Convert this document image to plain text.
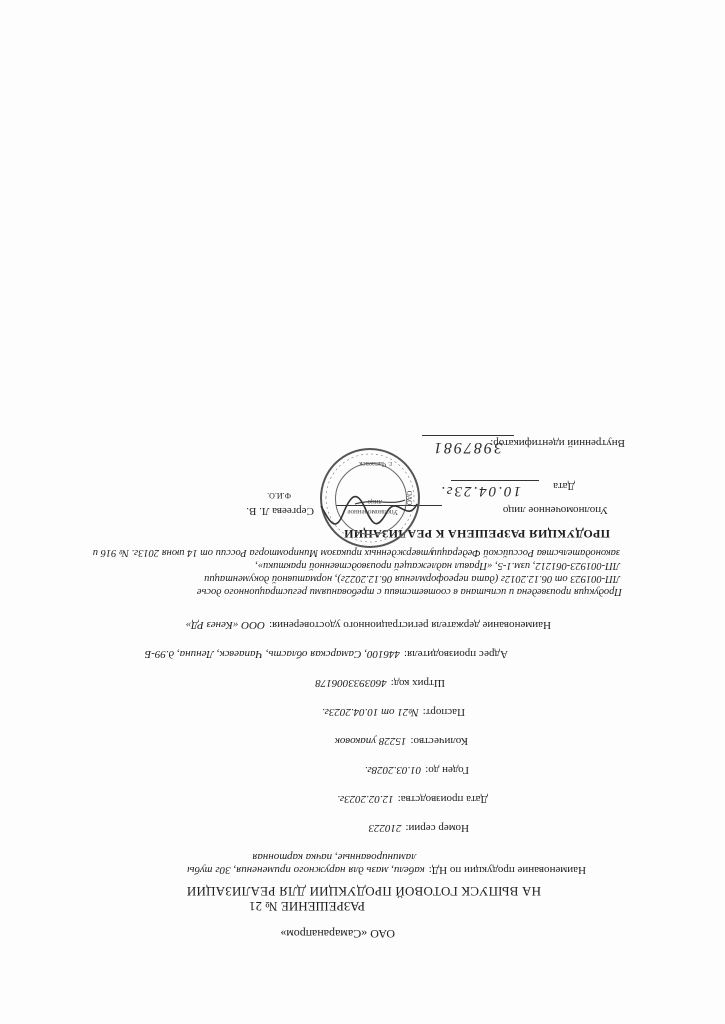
ОАО «Самаранапром»

РАЗРЕШЕНИЕ № 21

НА ВЫПУСК ГОТОВОЙ ПРОДУКЦИИ ДЛЯ РЕАЛИЗАЦИИ

Наименование продукции по НД:кабели, мазь для наружного применения, 30г тубы

ламинированные, пачка картонная

Номер серии:210223

Дата производства:12.02.2023г.

Годен до:01.03.2028г.

Количество:15228 упаковок

Паспорт:№21 от 10.04.2023г.

Штрих код:4603933006178

Адрес производителя:446100, Самарская область, Чапаевск, Ленина, д.99-Б

Наименование держателя регистрационного удостоверения:ООО «Кенез РД»

Продукция произведена и испытана в соответствии с требованиями регистрационного досье

ЛП-001923 от 06.12.2012г (дата переоформления 06.12.2022г), нормативной документации

ЛП-001923-061212, изм.1-5, «Правил надлежащей производственной практики»,

утвержденных приказом Минпромторга России от 14 июня 2013г. № 916 и

законодательства Российской Федерации

ПРОДУКЦИЯ РАЗРЕШЕНА К РЕАЛИЗАЦИИ

Уполномоченное лицо

Сергеева Л. В.

Ф.И.О.

Дата

10.04.23г.

Внутренний идентификатор:

3987981

Уполномоченное
лицо
г. Чапаевск
ОАО
